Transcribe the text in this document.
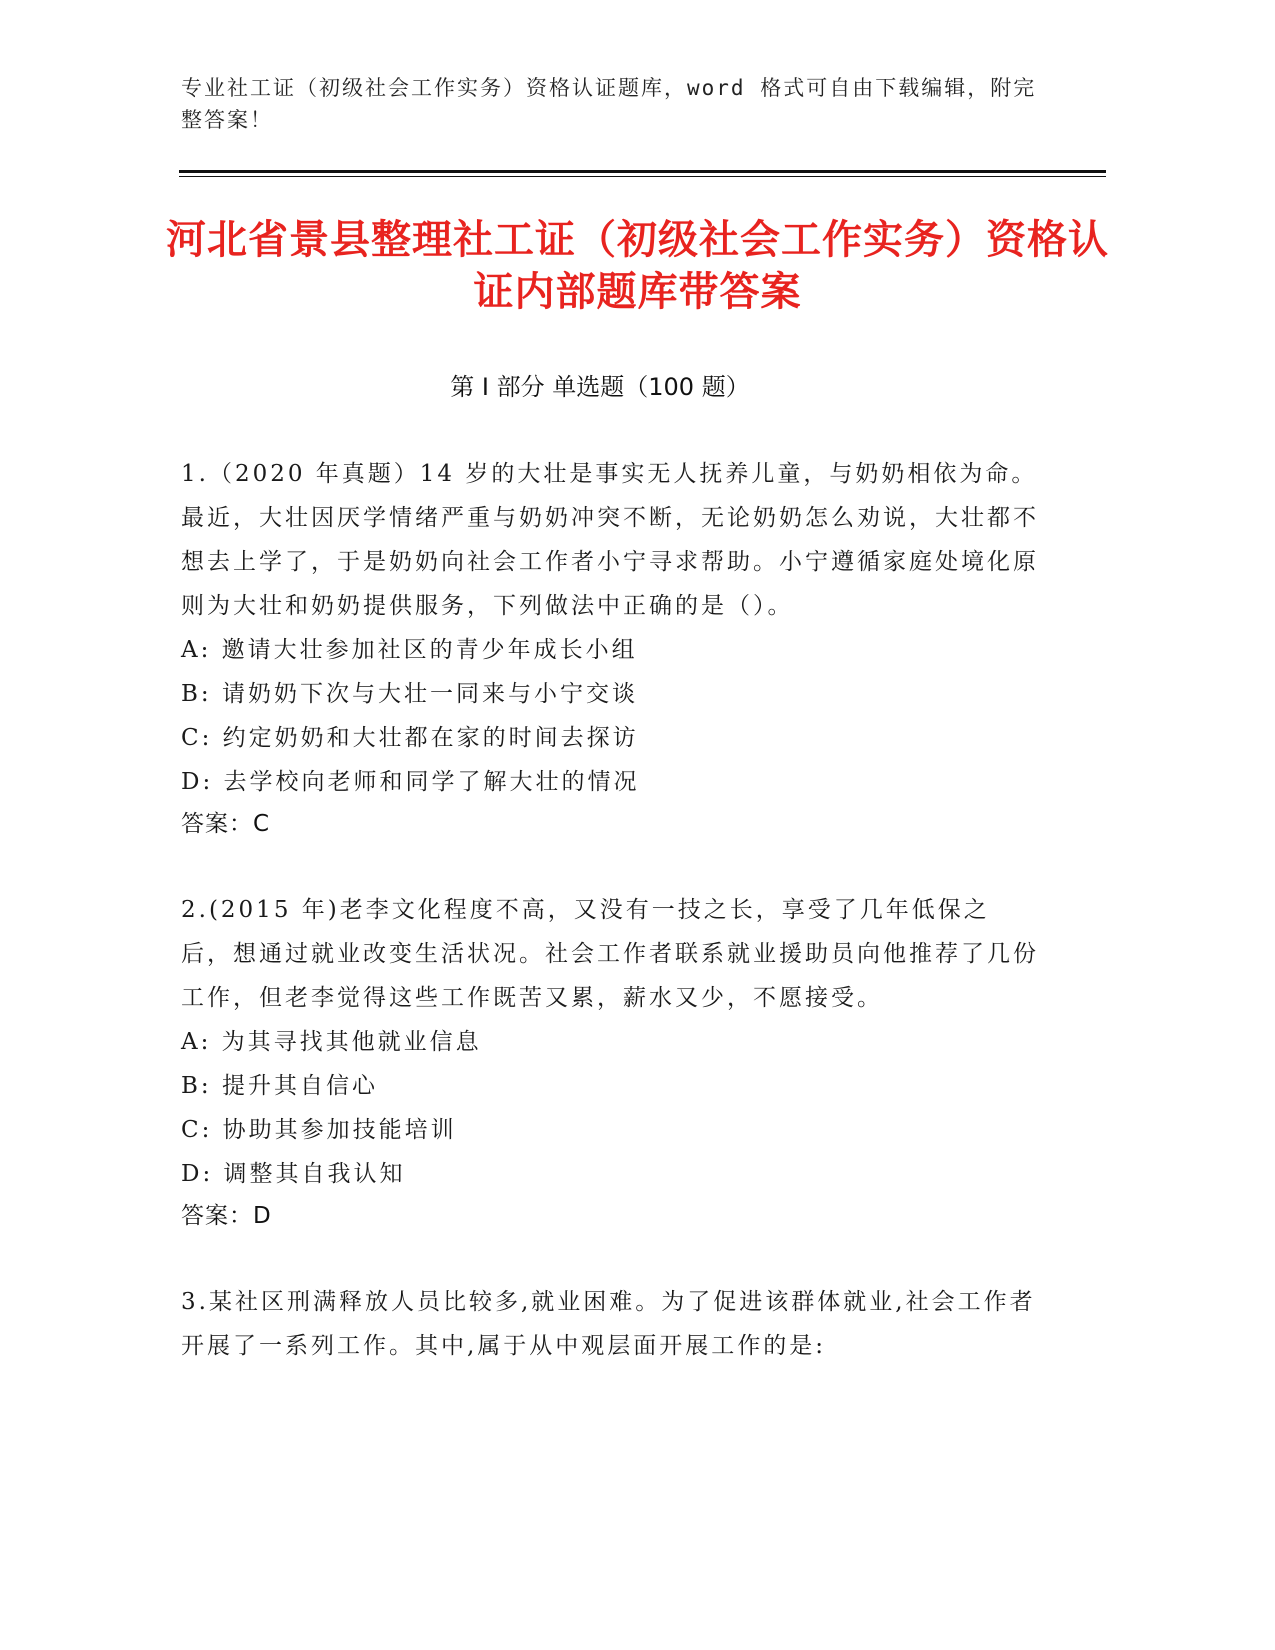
专业社工证（初级社会工作实务）资格认证题库，word 格式可自由下载编辑，附完整答案！
河北省景县整理社工证（初级社会工作实务）资格认证内部题库带答案
第 I 部分 单选题（100 题）

1.（2020 年真题）14 岁的大壮是事实无人抚养儿童，与奶奶相依为命。最近，大壮因厌学情绪严重与奶奶冲突不断，无论奶奶怎么劝说，大壮都不想去上学了，于是奶奶向社会工作者小宁寻求帮助。小宁遵循家庭处境化原则为大壮和奶奶提供服务，下列做法中正确的是（）。

A: 邀请大壮参加社区的青少年成长小组

B: 请奶奶下次与大壮一同来与小宁交谈

C: 约定奶奶和大壮都在家的时间去探访

D: 去学校向老师和同学了解大壮的情况

答案：C

2.(2015 年)老李文化程度不高，又没有一技之长，享受了几年低保之后，想通过就业改变生活状况。社会工作者联系就业援助员向他推荐了几份工作，但老李觉得这些工作既苦又累，薪水又少，不愿接受。

A: 为其寻找其他就业信息

B: 提升其自信心

C: 协助其参加技能培训

D: 调整其自我认知

答案：D

3.某社区刑满释放人员比较多,就业困难。为了促进该群体就业,社会工作者开展了一系列工作。其中,属于从中观层面开展工作的是:
